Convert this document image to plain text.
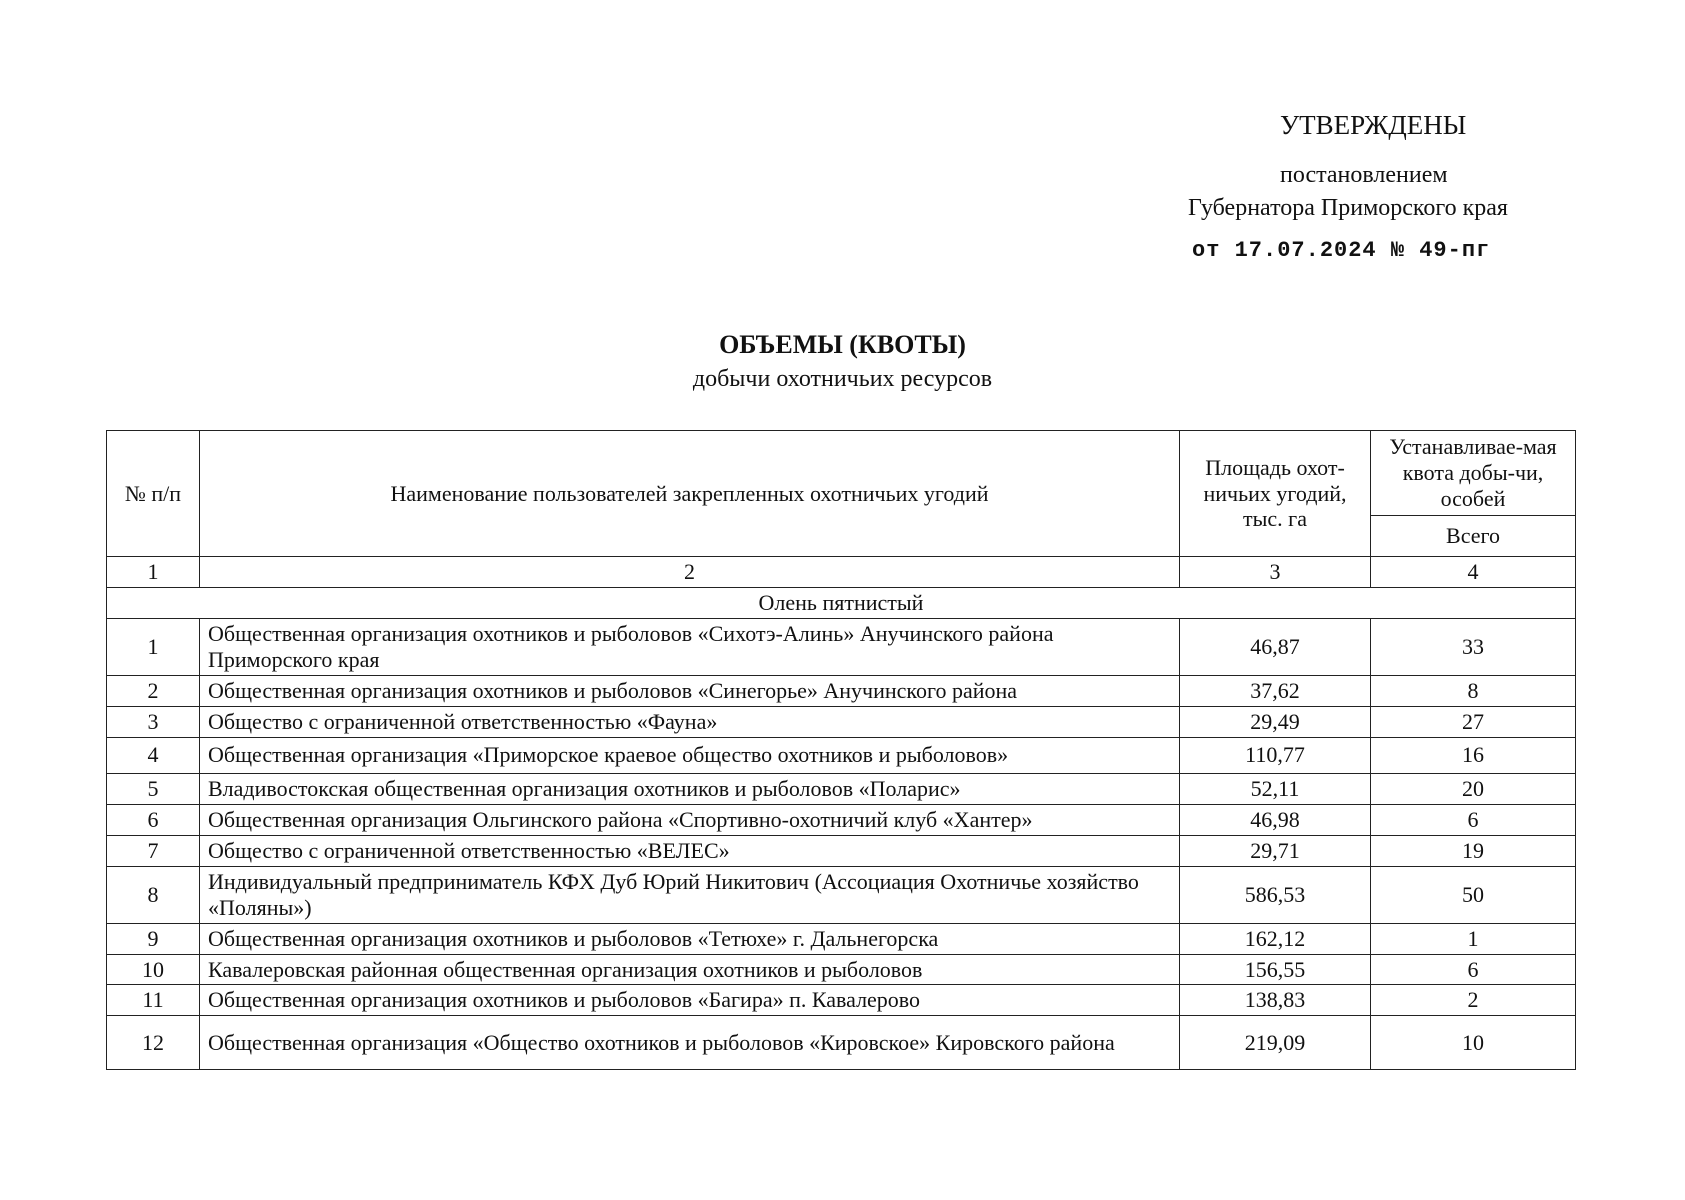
УТВЕРЖДЕНЫ
постановлением
Губернатора Приморского края
от 17.07.2024 № 49-пг
ОБЪЕМЫ (КВОТЫ)
добычи охотничьих ресурсов
№ п/п	Наименование пользователей закрепленных охотничьих угодий	Площадь охот-ничьих угодий, тыс. га	Устанавливае-мая квота добы-чи, особей
			Всего
1	2	3	4
Олень пятнистый			
1	Общественная организация охотников и рыболовов «Сихотэ-Алинь» Анучинского района Приморского края	46,87	33
2	Общественная организация охотников и рыболовов «Синегорье» Анучинского района	37,62	8
3	Общество с ограниченной ответственностью «Фауна»	29,49	27
4	Общественная организация «Приморское краевое общество охотников и рыболовов»	110,77	16
5	Владивостокская общественная организация охотников и рыболовов «Поларис»	52,11	20
6	Общественная организация Ольгинского района «Спортивно-охотничий клуб «Хантер»	46,98	6
7	Общество с ограниченной ответственностью «ВЕЛЕС»	29,71	19
8	Индивидуальный предприниматель КФХ Дуб Юрий Никитович (Ассоциация Охотничье хозяйство «Поляны»)	586,53	50
9	Общественная организация охотников и рыболовов «Тетюхе» г. Дальнегорска	162,12	1
10	Кавалеровская районная общественная организация охотников и рыболовов	156,55	6
11	Общественная организация охотников и рыболовов «Багира» п. Кавалерово	138,83	2
12	Общественная организация «Общество охотников и рыболовов «Кировское» Кировского района	219,09	10
